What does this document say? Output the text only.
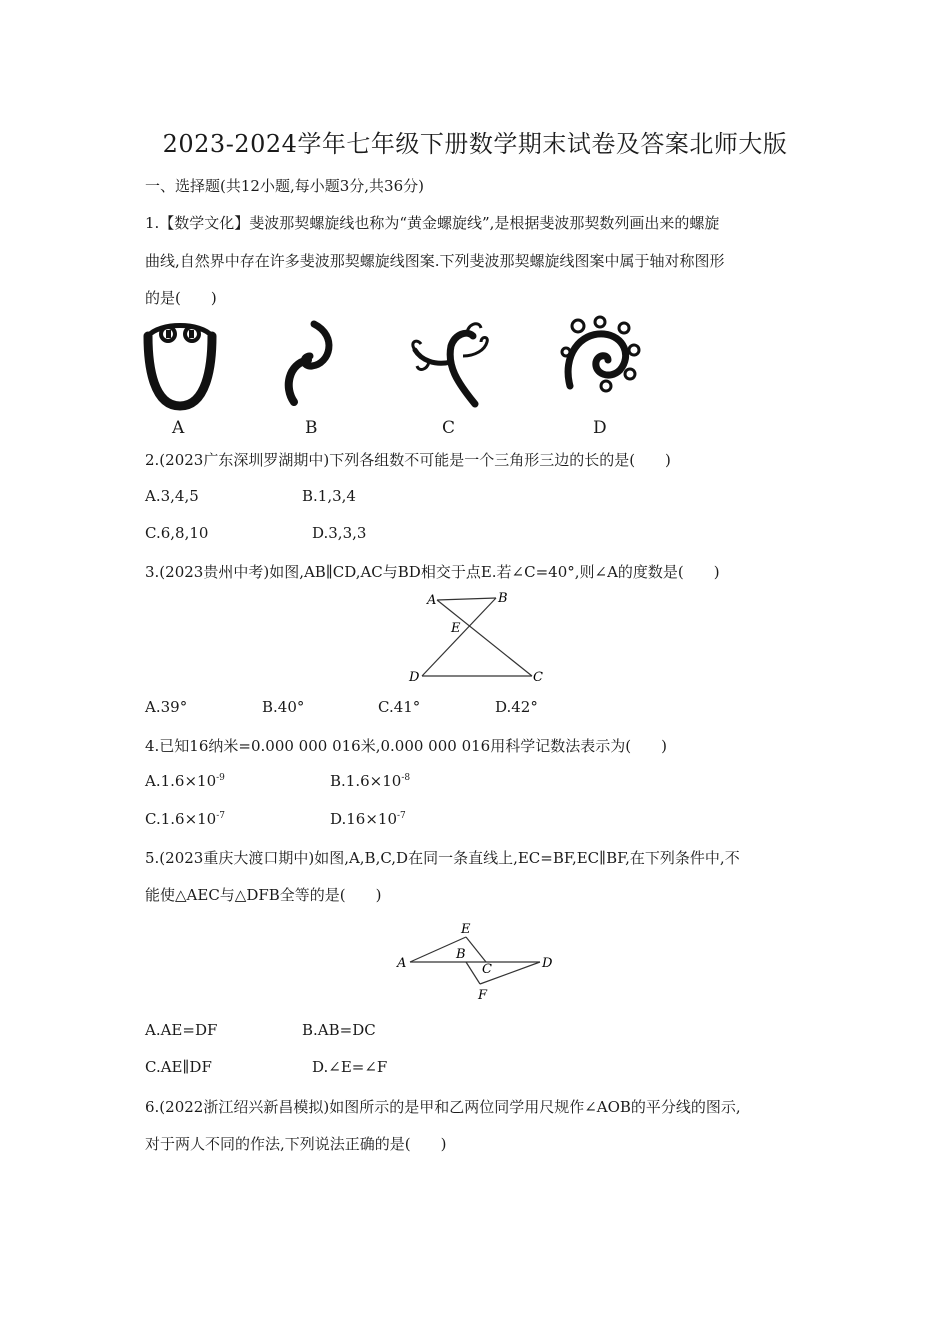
2023-2024学年七年级下册数学期末试卷及答案北师大版
一、选择题(共12小题,每小题3分,共36分)
1.【数学文化】斐波那契螺旋线也称为“黄金螺旋线”,是根据斐波那契数列画出来的螺旋
曲线,自然界中存在许多斐波那契螺旋线图案.下列斐波那契螺旋线图案中属于轴对称图形
的是(　　)
A	B	C	D
2.(2023广东深圳罗湖期中)下列各组数不可能是一个三角形三边的长的是(　　)
A.3,4,5	B.1,3,4
C.6,8,10	D.3,3,3
3.(2023贵州中考)如图,AB∥CD,AC与BD相交于点E.若∠C=40°,则∠A的度数是(　　)
A	B
E
D	C
A.39°	B.40°	C.41°	D.42°
4.已知16纳米=0.000 000 016米,0.000 000 016用科学记数法表示为(　　)
$A.1.6\times 10^{-9}$	$B.1.6\times 10^{-8}$
$C.1.6\times 10^{-7}$	$D.16\times 10^{-7}$
5.(2023重庆大渡口期中)如图,A,B,C,D在同一条直线上,EC=BF,EC∥BF,在下列条件中,不
能使△AEC与△DFB全等的是(　　)
A
E
B
C	D
F
A.AE=DF	B.AB=DC
C.AE∥DF	D.∠E=∠F
6.(2022浙江绍兴新昌模拟)如图所示的是甲和乙两位同学用尺规作∠AOB的平分线的图示,
对于两人不同的作法,下列说法正确的是(　　)
